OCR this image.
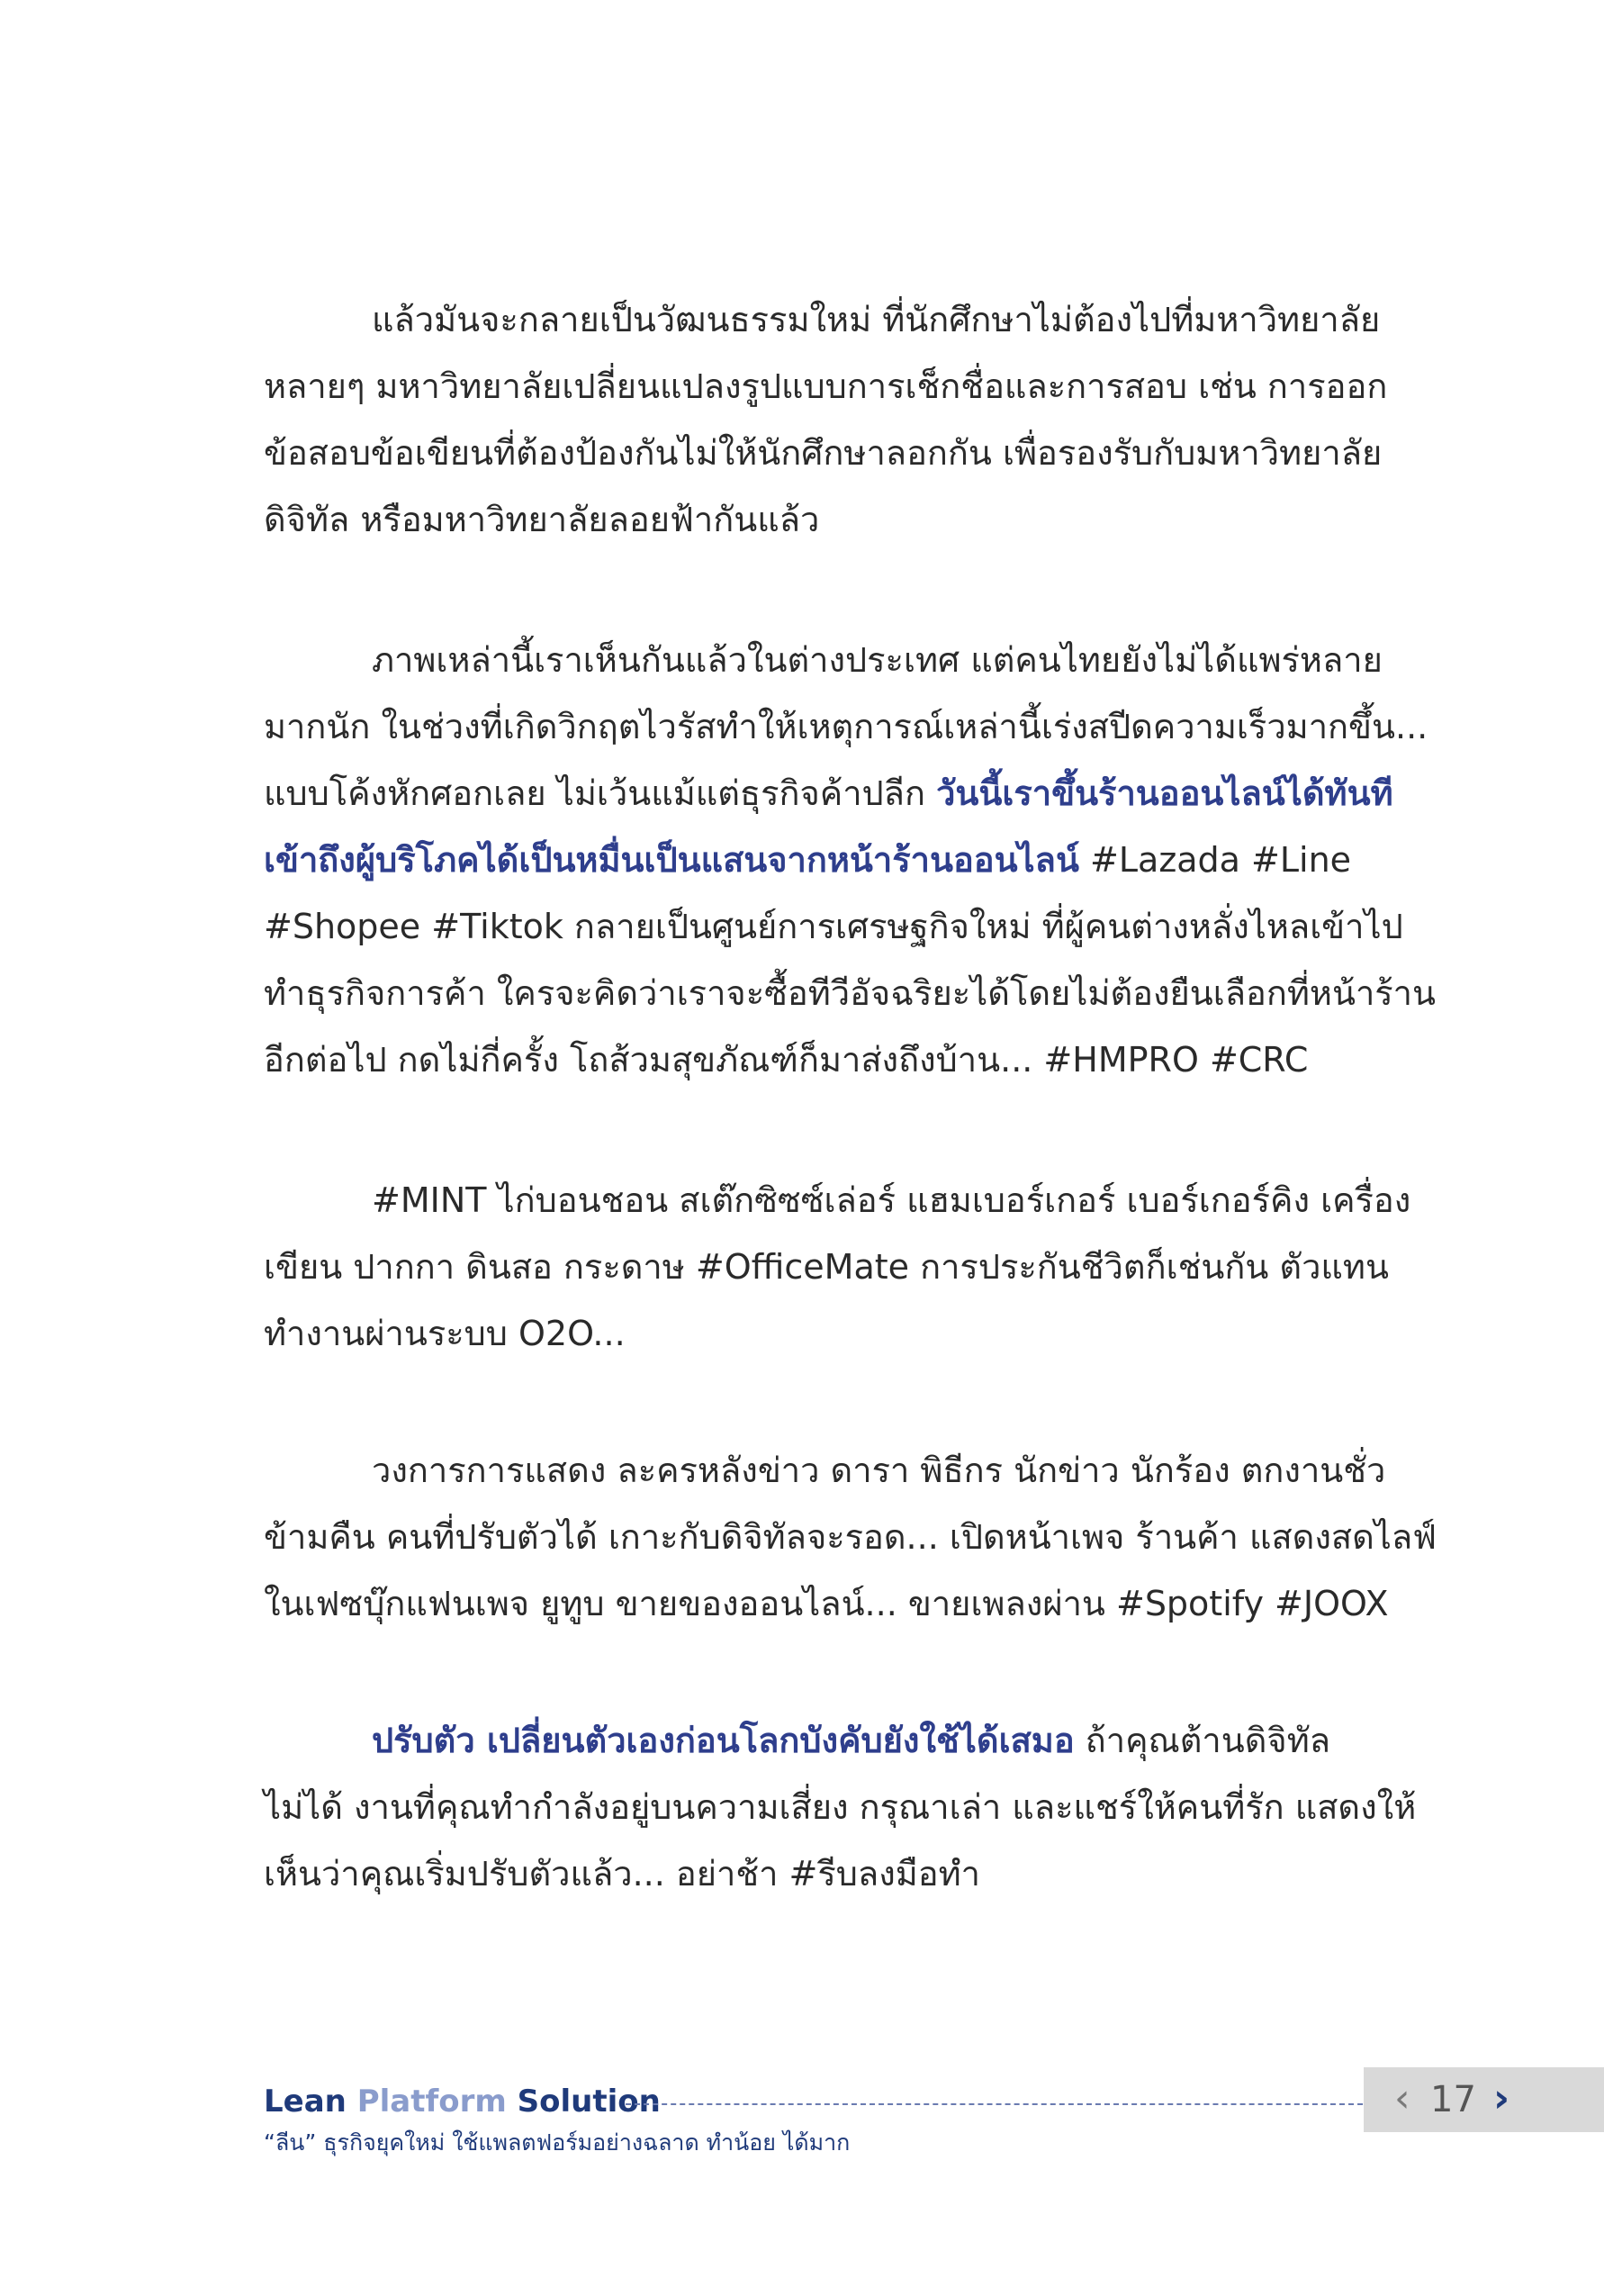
แล้วมันจะกลายเป็นวัฒนธรรมใหม่ ที่นักศึกษาไม่ต้องไปที่มหาวิทยาลัย
หลายๆ มหาวิทยาลัยเปลี่ยนแปลงรูปแบบการเช็กชื่อและการสอบ เช่น การออก
ข้อสอบข้อเขียนที่ต้องป้องกันไม่ให้นักศึกษาลอกกัน เพื่อรองรับกับมหาวิทยาลัย
ดิจิทัล หรือมหาวิทยาลัยลอยฟ้ากันแล้ว

ภาพเหล่านี้เราเห็นกันแล้วในต่างประเทศ แต่คนไทยยังไม่ได้แพร่หลาย
มากนัก ในช่วงที่เกิดวิกฤตไวรัสทำให้เหตุการณ์เหล่านี้เร่งสปีดความเร็วมากขึ้น...
แบบโค้งหักศอกเลย ไม่เว้นแม้แต่ธุรกิจค้าปลีก วันนี้เราขึ้นร้านออนไลน์ได้ทันที
เข้าถึงผู้บริโภคได้เป็นหมื่นเป็นแสนจากหน้าร้านออนไลน์ #Lazada #Line
#Shopee #Tiktok กลายเป็นศูนย์การเศรษฐกิจใหม่ ที่ผู้คนต่างหลั่งไหลเข้าไป
ทำธุรกิจการค้า ใครจะคิดว่าเราจะซื้อทีวีอัจฉริยะได้โดยไม่ต้องยืนเลือกที่หน้าร้าน
อีกต่อไป กดไม่กี่ครั้ง โถส้วมสุขภัณฑ์ก็มาส่งถึงบ้าน... #HMPRO #CRC

#MINT ไก่บอนชอน สเต๊กซิซซ์เล่อร์ แฮมเบอร์เกอร์ เบอร์เกอร์คิง เครื่อง
เขียน ปากกา ดินสอ กระดาษ #OfficeMate การประกันชีวิตก็เช่นกัน ตัวแทน
ทำงานผ่านระบบ O2O...

วงการการแสดง ละครหลังข่าว ดารา พิธีกร นักข่าว นักร้อง ตกงานชั่ว
ข้ามคืน คนที่ปรับตัวได้ เกาะกับดิจิทัลจะรอด... เปิดหน้าเพจ ร้านค้า แสดงสดไลฟ์
ในเฟซบุ๊กแฟนเพจ ยูทูบ ขายของออนไลน์... ขายเพลงผ่าน #Spotify #JOOX

ปรับตัว เปลี่ยนตัวเองก่อนโลกบังคับยังใช้ได้เสมอ ถ้าคุณต้านดิจิทัล
ไม่ได้ งานที่คุณทำกำลังอยู่บนความเสี่ยง กรุณาเล่า และแชร์ให้คนที่รัก แสดงให้
เห็นว่าคุณเริ่มปรับตัวแล้ว... อย่าช้า #รีบลงมือทำ

Lean Platform Solution
“ลีน” ธุรกิจยุคใหม่ ใช้แพลตฟอร์มอย่างฉลาด ทำน้อย ได้มาก
‹ 17 ›
